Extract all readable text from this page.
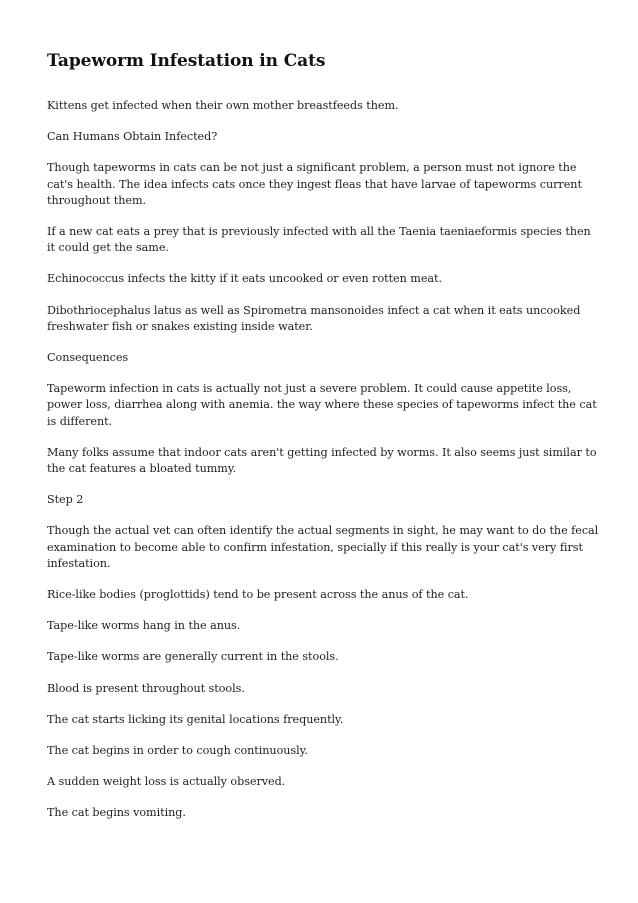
Tapeworm Infestation in Cats

Kittens get infected when their own mother breastfeeds them.

Can Humans Obtain Infected?

Though tapeworms in cats can be not just a significant problem, a person must not ignore the cat's health. The idea infects cats once they ingest fleas that have larvae of tapeworms current throughout them.

If a new cat eats a prey that is previously infected with all the Taenia taeniaeformis species then it could get the same.

Echinococcus infects the kitty if it eats uncooked or even rotten meat.

Dibothriocephalus latus as well as Spirometra mansonoides infect a cat when it eats uncooked freshwater fish or snakes existing inside water.

Consequences

Tapeworm infection in cats is actually not just a severe problem. It could cause appetite loss, power loss, diarrhea along with anemia. the way where these species of tapeworms infect the cat is different.

Many folks assume that indoor cats aren't getting infected by worms. It also seems just similar to the cat features a bloated tummy.

Step 2

Though the actual vet can often identify the actual segments in sight, he may want to do the fecal examination to become able to confirm infestation, specially if this really is your cat's very first infestation.

Rice-like bodies (proglottids) tend to be present across the anus of the cat.

Tape-like worms hang in the anus.

Tape-like worms are generally current in the stools.

Blood is present throughout stools.

The cat starts licking its genital locations frequently.

The cat begins in order to cough continuously.

A sudden weight loss is actually observed.

The cat begins vomiting.
